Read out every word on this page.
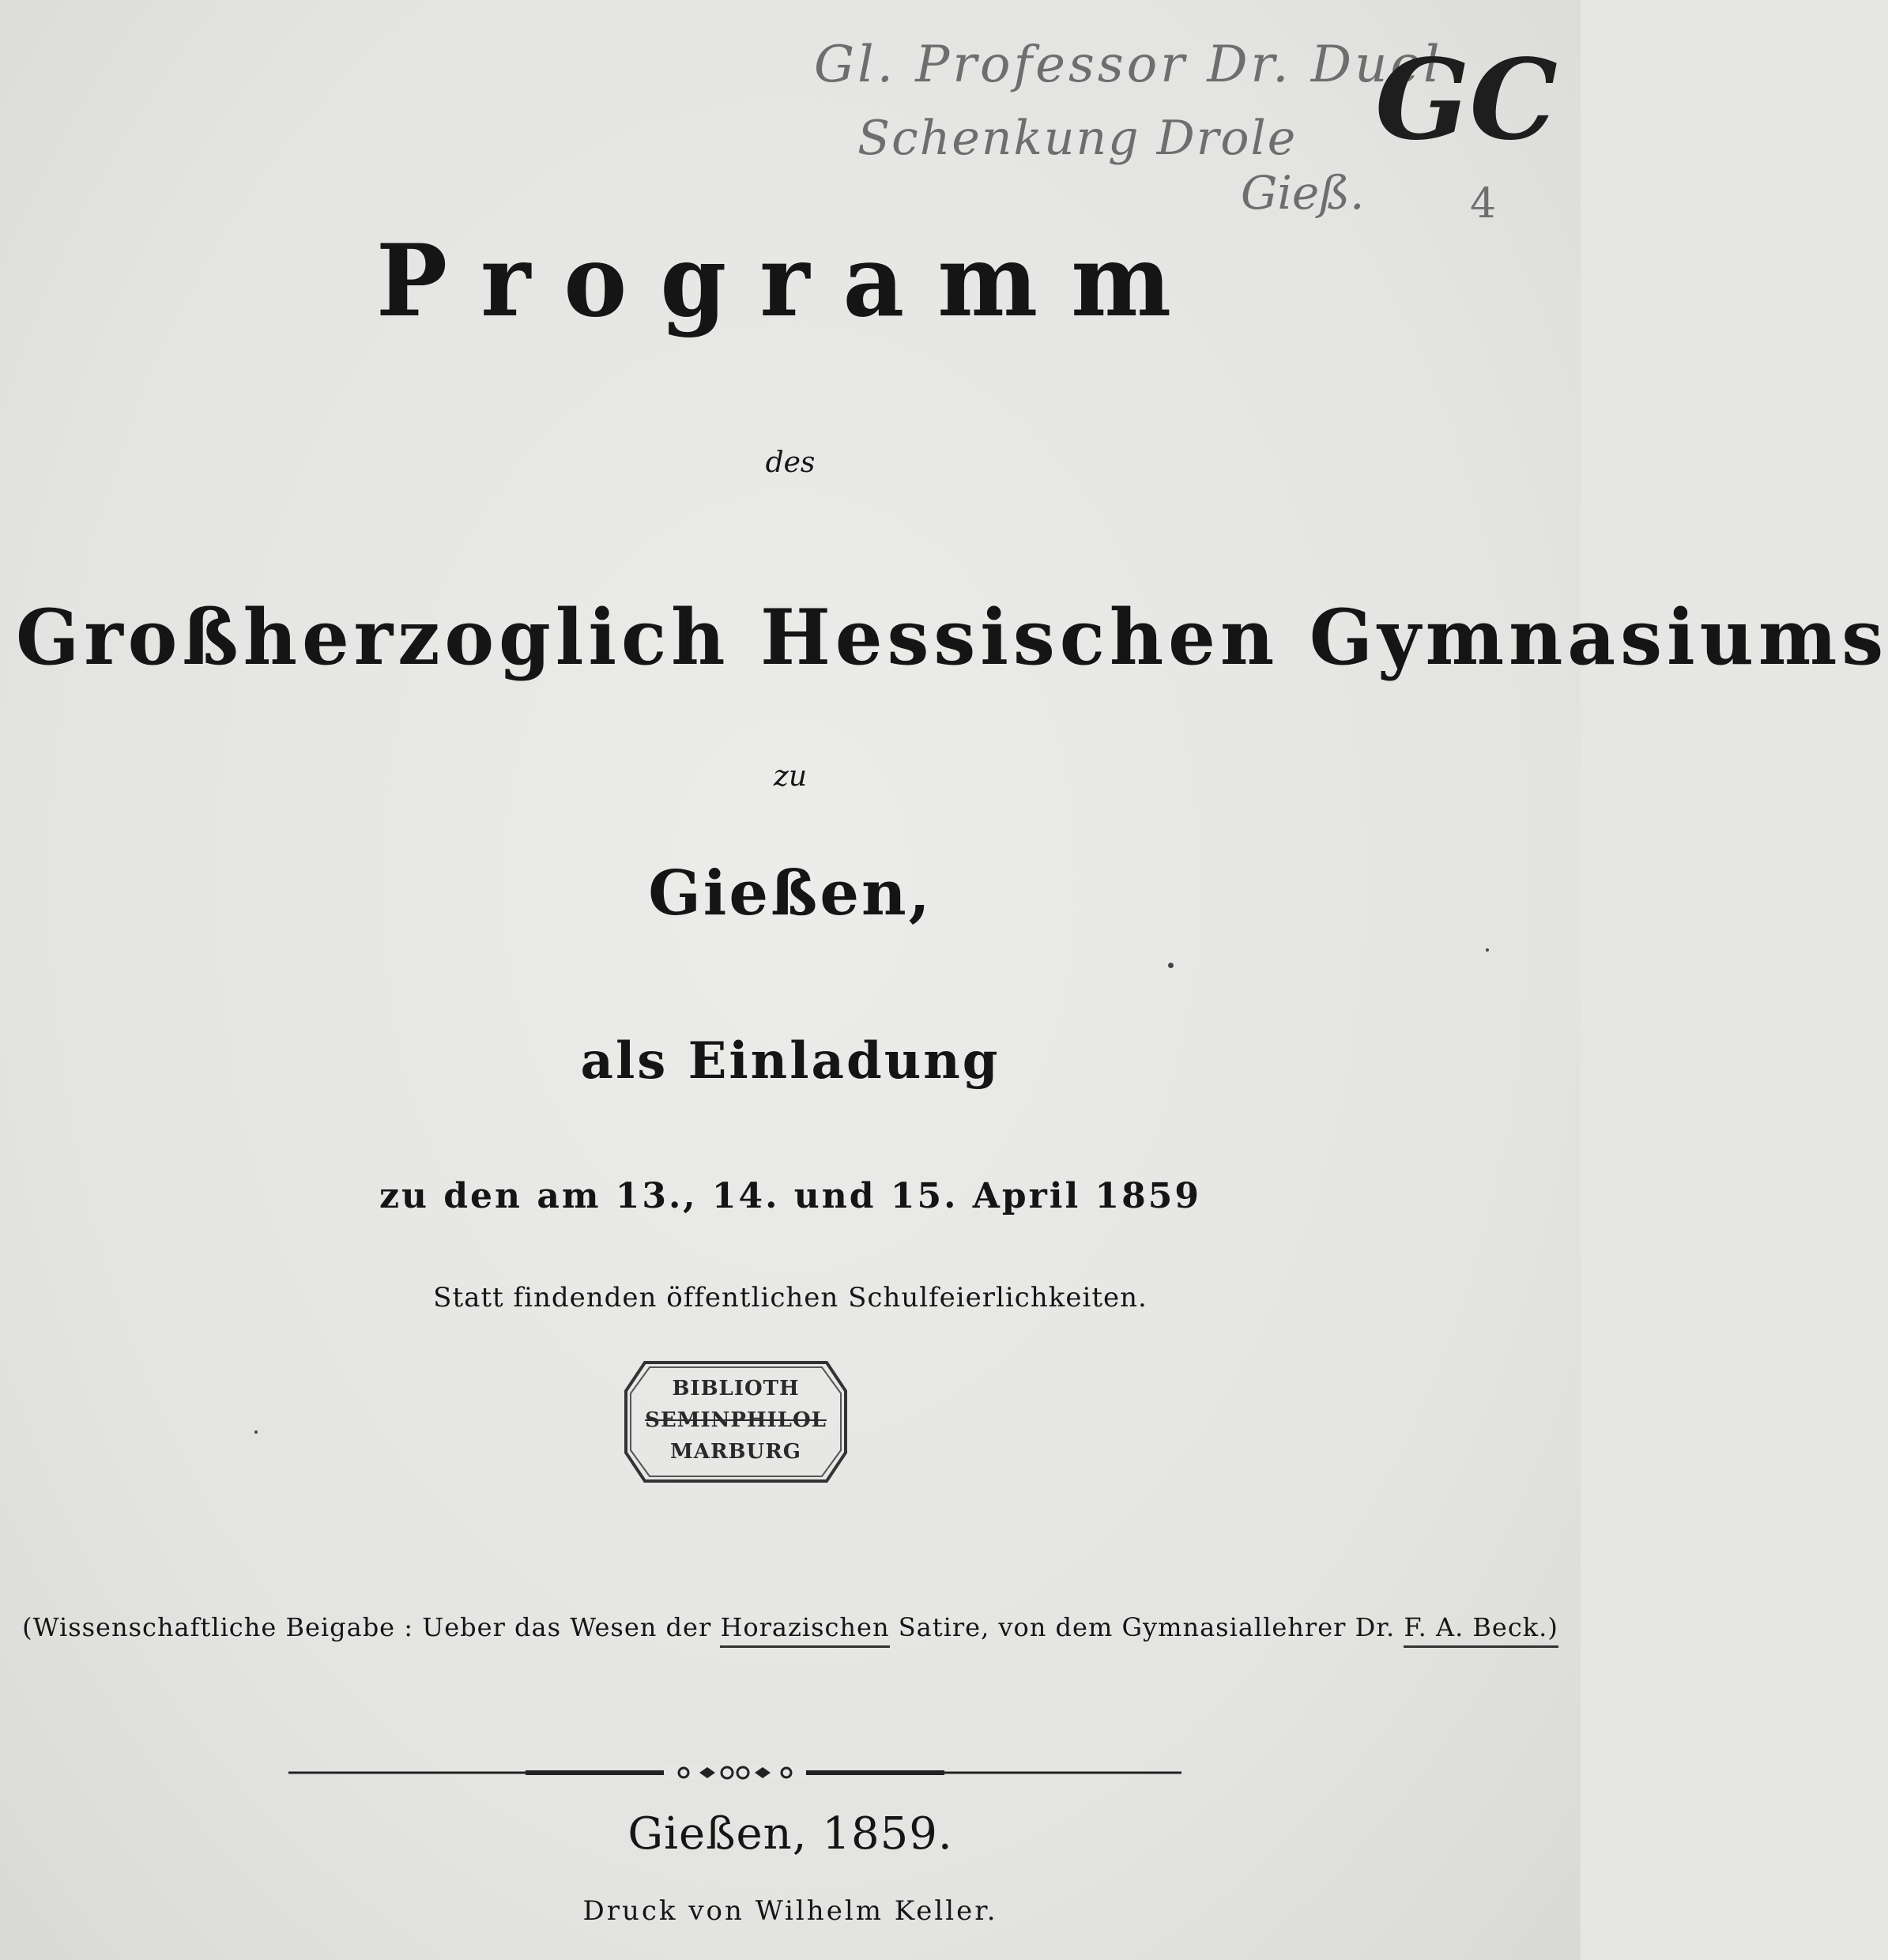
Gl. Professor Dr. Duel
Schenkung Drole
Gieß.	4
GC
Programm
des
Großherzoglich Hessischen Gymnasiums
zu
Gießen,
als Einladung
zu den am 13., 14. und 15. April 1859
Statt findenden öffentlichen Schulfeierlichkeiten.
BIBLIOTH
SEMINPHILOL
MARBURG
(Wissenschaftliche Beigabe : Ueber das Wesen der Horazischen Satire, von dem Gymnasiallehrer Dr. F. A. Beck.)
Gießen, 1859.
Druck von Wilhelm Keller.
